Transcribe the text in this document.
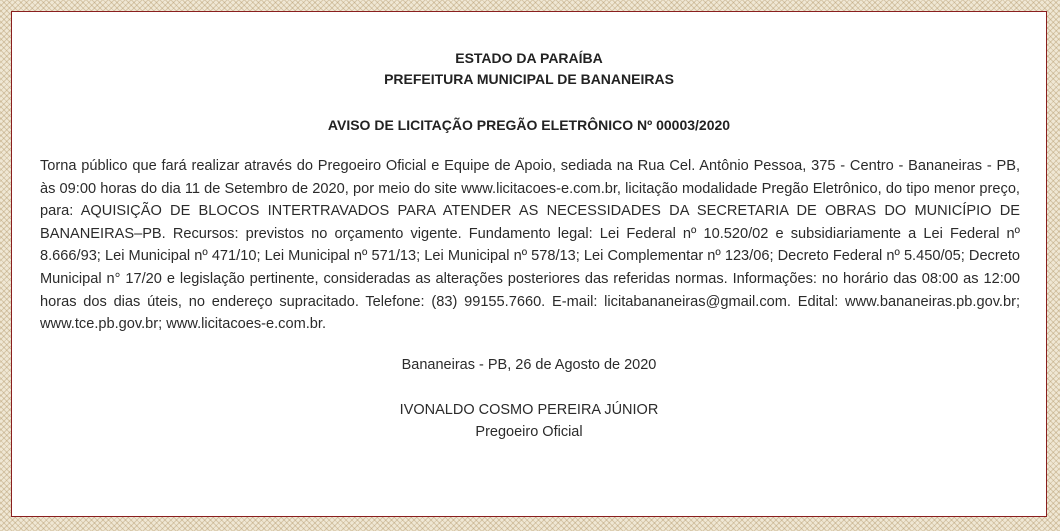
ESTADO DA PARAÍBA
PREFEITURA MUNICIPAL DE BANANEIRAS
AVISO DE LICITAÇÃO PREGÃO ELETRÔNICO Nº 00003/2020
Torna público que fará realizar através do Pregoeiro Oficial e Equipe de Apoio, sediada na Rua Cel. Antônio Pessoa, 375 - Centro - Bananeiras - PB, às 09:00 horas do dia 11 de Setembro de 2020, por meio do site www.licitacoes-e.com.br, licitação modalidade Pregão Eletrônico, do tipo menor preço, para: AQUISIÇÃO DE BLOCOS INTERTRAVADOS PARA ATENDER AS NECESSIDADES DA SECRETARIA DE OBRAS DO MUNICÍPIO DE BANANEIRAS–PB. Recursos: previstos no orçamento vigente. Fundamento legal: Lei Federal nº 10.520/02 e subsidiariamente a Lei Federal nº 8.666/93; Lei Municipal nº 471/10; Lei Municipal nº 571/13; Lei Municipal nº 578/13; Lei Complementar nº 123/06; Decreto Federal nº 5.450/05; Decreto Municipal n° 17/20 e legislação pertinente, consideradas as alterações posteriores das referidas normas. Informações: no horário das 08:00 as 12:00 horas dos dias úteis, no endereço supracitado. Telefone: (83) 99155.7660. E-mail: licitabananeiras@gmail.com. Edital: www.bananeiras.pb.gov.br; www.tce.pb.gov.br; www.licitacoes-e.com.br.
Bananeiras - PB, 26 de Agosto de 2020
IVONALDO COSMO PEREIRA JÚNIOR
Pregoeiro Oficial
